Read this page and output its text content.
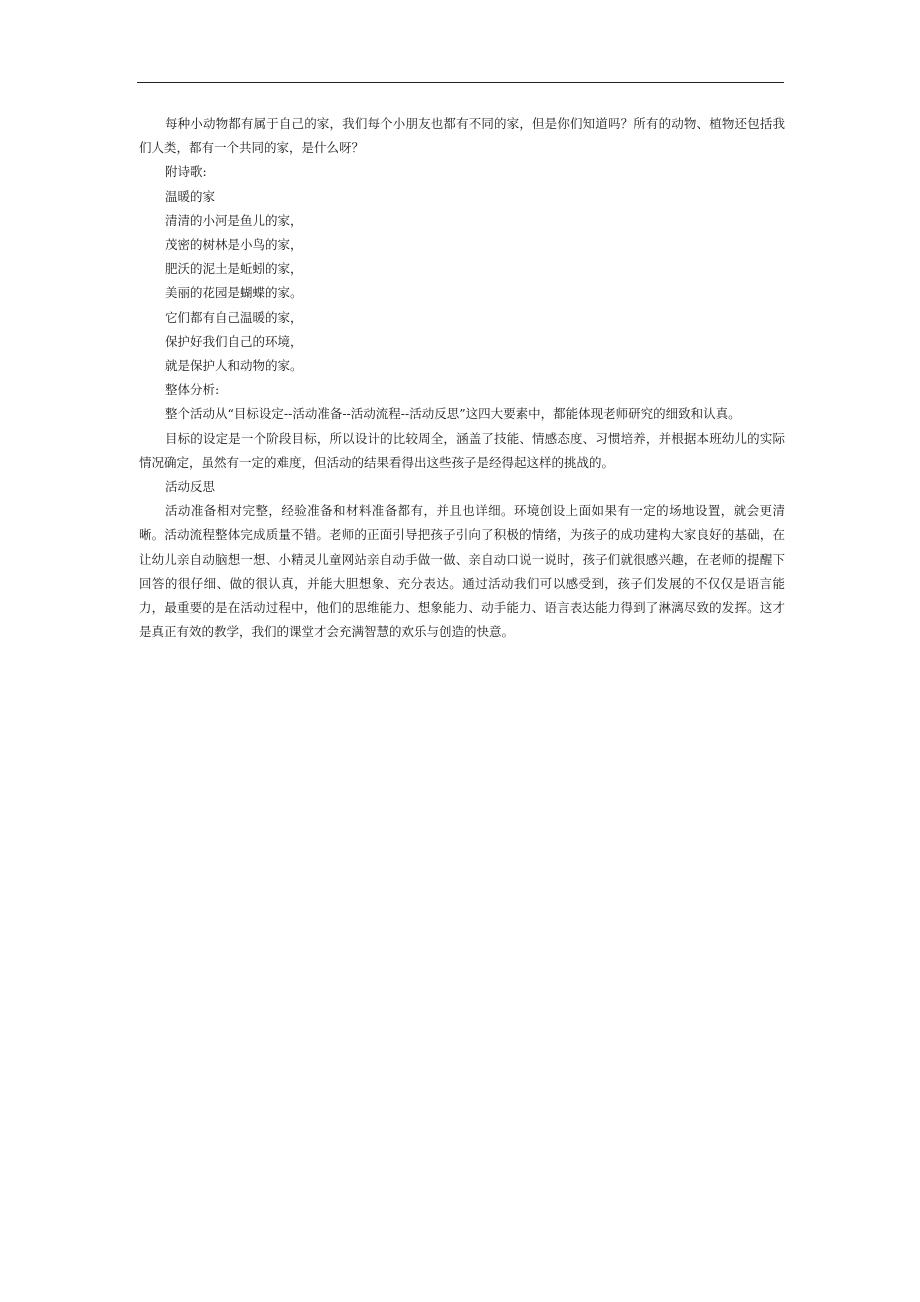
每种小动物都有属于自己的家，我们每个小朋友也都有不同的家，但是你们知道吗？所有的动物、植物还包括我们人类，都有一个共同的家，是什么呀？

附诗歌:

温暖的家

清清的小河是鱼儿的家，

茂密的树林是小鸟的家，

肥沃的泥土是蚯蚓的家，

美丽的花园是蝴蝶的家。

它们都有自己温暖的家，

保护好我们自己的环境，

就是保护人和动物的家。

整体分析:

整个活动从“目标设定--活动准备--活动流程--活动反思”这四大要素中，都能体现老师研究的细致和认真。

目标的设定是一个阶段目标，所以设计的比较周全，涵盖了技能、情感态度、习惯培养，并根据本班幼儿的实际情况确定，虽然有一定的难度，但活动的结果看得出这些孩子是经得起这样的挑战的。

活动反思

活动准备相对完整，经验准备和材料准备都有，并且也详细。环境创设上面如果有一定的场地设置，就会更清晰。活动流程整体完成质量不错。老师的正面引导把孩子引向了积极的情绪，为孩子的成功建构大家良好的基础，在让幼儿亲自动脑想一想、小精灵儿童网站亲自动手做一做、亲自动口说一说时，孩子们就很感兴趣，在老师的提醒下回答的很仔细、做的很认真，并能大胆想象、充分表达。通过活动我们可以感受到，孩子们发展的不仅仅是语言能力，最重要的是在活动过程中，他们的思维能力、想象能力、动手能力、语言表达能力得到了淋漓尽致的发挥。这才是真正有效的教学，我们的课堂才会充满智慧的欢乐与创造的快意。
